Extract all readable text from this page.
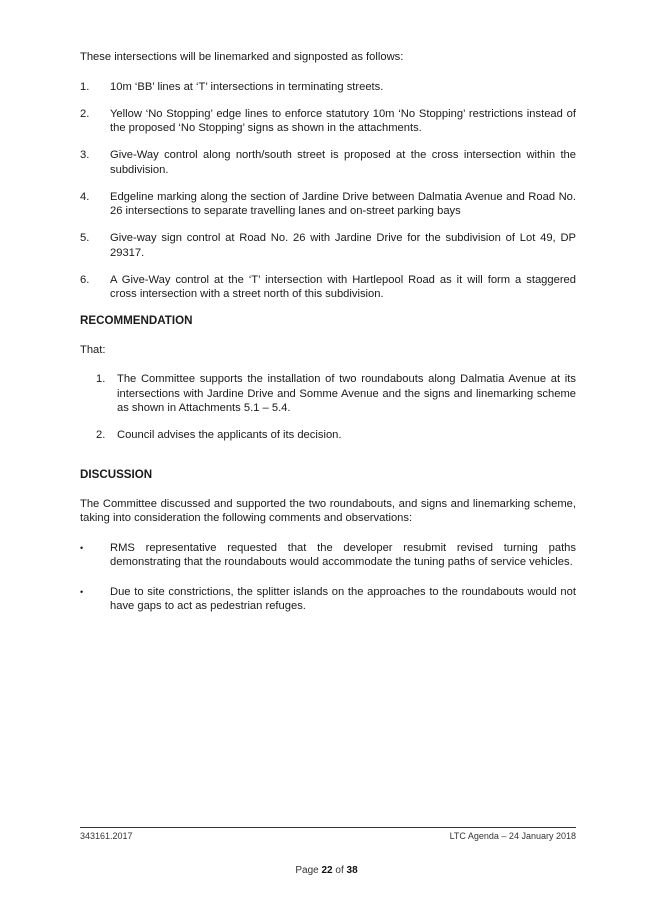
These intersections will be linemarked and signposted as follows:

1.	10m ‘BB’ lines at ‘T’ intersections in terminating streets.
2.	Yellow ‘No Stopping’ edge lines to enforce statutory 10m ‘No Stopping’ restrictions instead of the proposed ‘No Stopping’ signs as shown in the attachments.
3.	Give-Way control along north/south street is proposed at the cross intersection within the subdivision.
4.	Edgeline marking along the section of Jardine Drive between Dalmatia Avenue and Road No. 26 intersections to separate travelling lanes and on-street parking bays
5.	Give-way sign control at Road No. 26 with Jardine Drive for the subdivision of Lot 49, DP 29317.
6.	A Give-Way control at the ‘T’ intersection with Hartlepool Road as it will form a staggered cross intersection with a street north of this subdivision.
RECOMMENDATION

That:

1.	The Committee supports the installation of two roundabouts along Dalmatia Avenue at its intersections with Jardine Drive and Somme Avenue and the signs and linemarking scheme as shown in Attachments 5.1 – 5.4.
2.	Council advises the applicants of its decision.
DISCUSSION

The Committee discussed and supported the two roundabouts, and signs and linemarking scheme, taking into consideration the following comments and observations:

•	RMS representative requested that the developer resubmit revised turning paths demonstrating that the roundabouts would accommodate the tuning paths of service vehicles.
•	Due to site constrictions, the splitter islands on the approaches to the roundabouts would not have gaps to act as pedestrian refuges.
343161.2017	LTC Agenda – 24 January 2018
Page 22 of 38
